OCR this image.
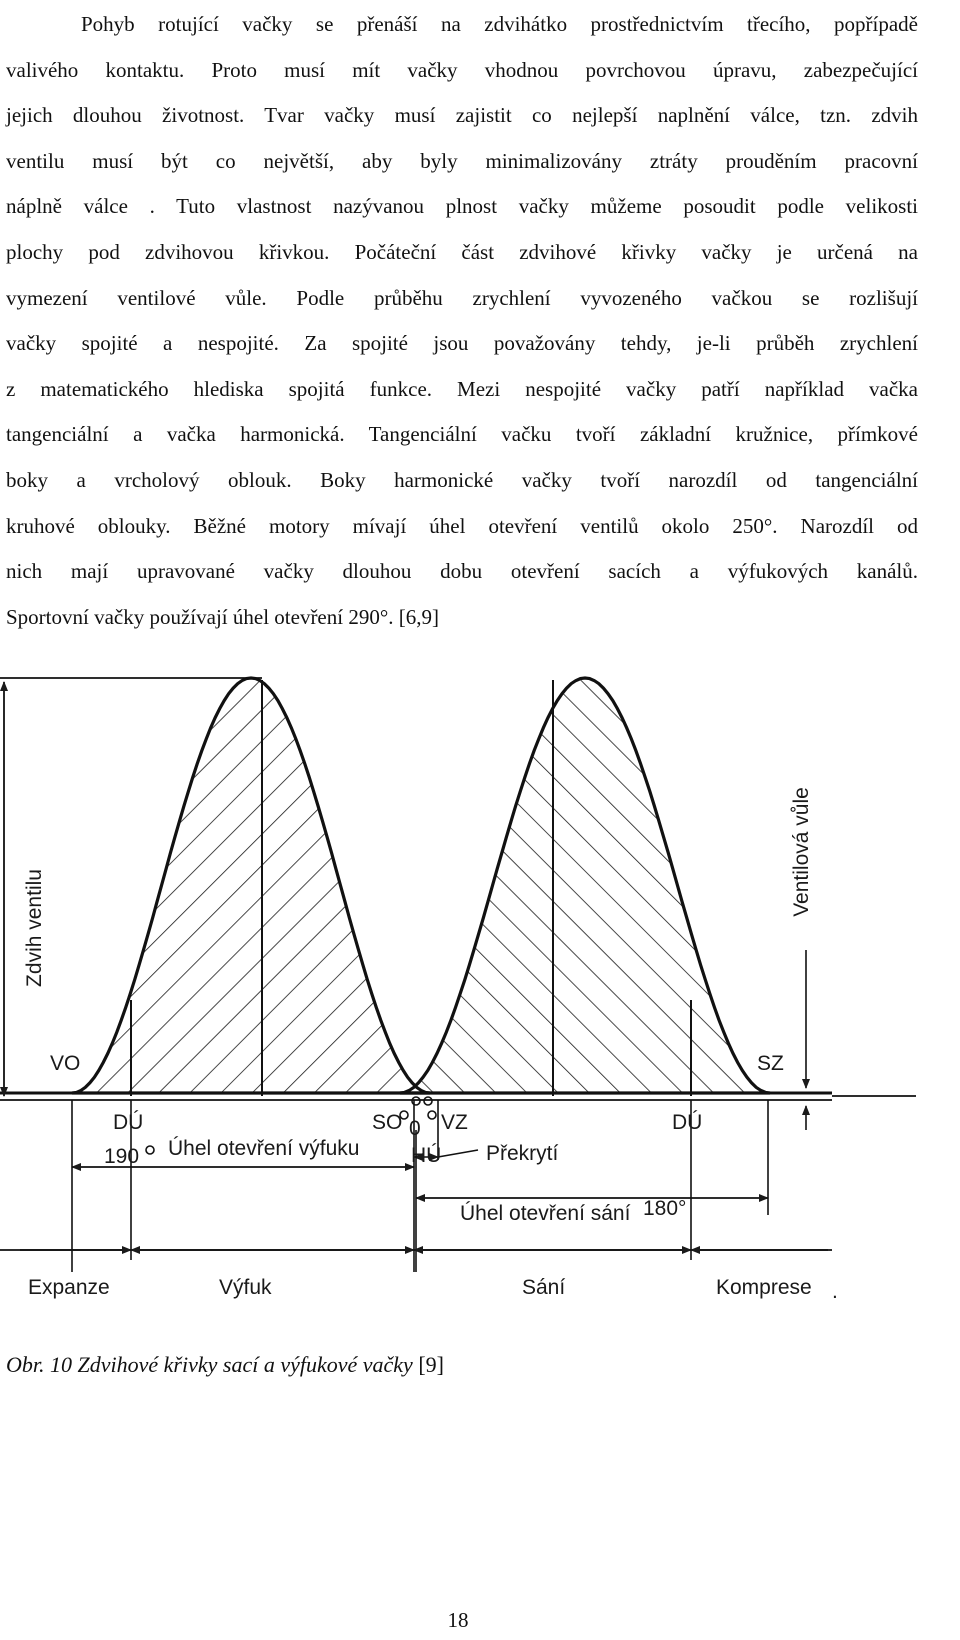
Pohyb rotující vačky se přenáší na zdvihátko prostřednictvím třecího, popřípadě
valivého kontaktu. Proto musí mít vačky vhodnou povrchovou úpravu, zabezpečující
jejich dlouhou životnost. Tvar vačky musí zajistit co nejlepší naplnění válce, tzn. zdvih
ventilu musí být co největší, aby byly minimalizovány ztráty prouděním pracovní
náplně válce . Tuto vlastnost nazývanou plnost vačky můžeme posoudit podle velikosti
plochy pod zdvihovou křivkou. Počáteční část zdvihové křivky vačky je určená na
vymezení ventilové vůle. Podle průběhu zrychlení vyvozeného vačkou se rozlišují
vačky spojité a nespojité. Za spojité jsou považovány tehdy, je-li průběh zrychlení
z matematického hlediska spojitá funkce. Mezi nespojité vačky patří například vačka
tangenciální a vačka harmonická. Tangenciální vačku tvoří základní kružnice, přímkové
boky a vrcholový oblouk. Boky harmonické vačky tvoří narozdíl od tangenciální
kruhové oblouky. Běžné motory mívají úhel otevření ventilů okolo 250°. Narozdíl od
nich mají upravované vačky dlouhou dobu otevření sacích a výfukových kanálů.
Sportovní vačky používají úhel otevření 290°. [6,9]
Zdvih ventilu
Ventilová vůle
VO	SZ
DÚ	SO 0 VZ	DÚ
190 Úhel otevření výfuku HÚ Překrytí
Úhel otevření sání 180°
Expanze	Výfuk	Sání	Komprese .
Obr. 10 Zdvihové křivky sací a výfukové vačky [9]
18
